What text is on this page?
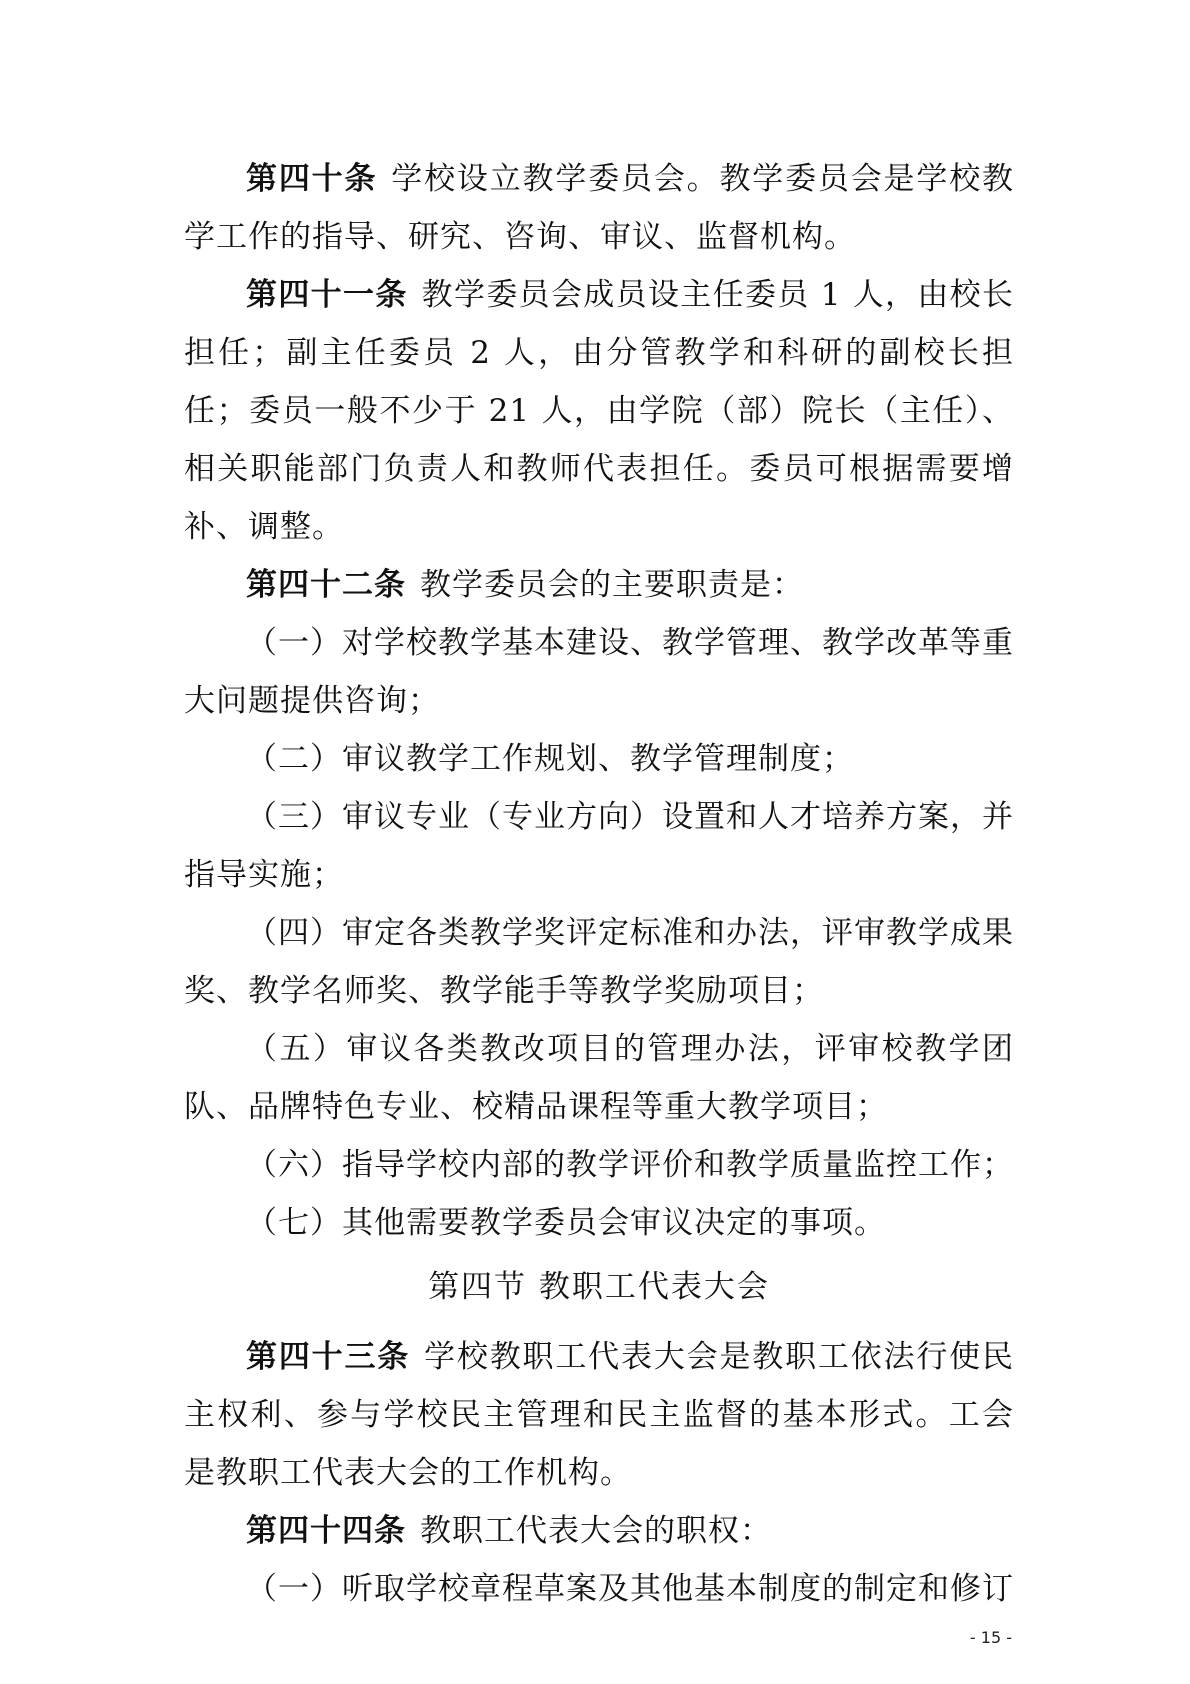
第四十条 学校设立教学委员会。教学委员会是学校教学工作的指导、研究、咨询、审议、监督机构。

第四十一条 教学委员会成员设主任委员 1 人，由校长担任；副主任委员 2 人，由分管教学和科研的副校长担任；委员一般不少于 21 人，由学院（部）院长（主任）、相关职能部门负责人和教师代表担任。委员可根据需要增补、调整。

第四十二条 教学委员会的主要职责是：

（一）对学校教学基本建设、教学管理、教学改革等重大问题提供咨询；

（二）审议教学工作规划、教学管理制度；

（三）审议专业（专业方向）设置和人才培养方案，并指导实施；

（四）审定各类教学奖评定标准和办法，评审教学成果奖、教学名师奖、教学能手等教学奖励项目；

（五）审议各类教改项目的管理办法，评审校教学团队、品牌特色专业、校精品课程等重大教学项目；

（六）指导学校内部的教学评价和教学质量监控工作；

（七）其他需要教学委员会审议决定的事项。

第四节 教职工代表大会

第四十三条 学校教职工代表大会是教职工依法行使民主权利、参与学校民主管理和民主监督的基本形式。工会是教职工代表大会的工作机构。

第四十四条 教职工代表大会的职权：

（一）听取学校章程草案及其他基本制度的制定和修订

- 15 -
